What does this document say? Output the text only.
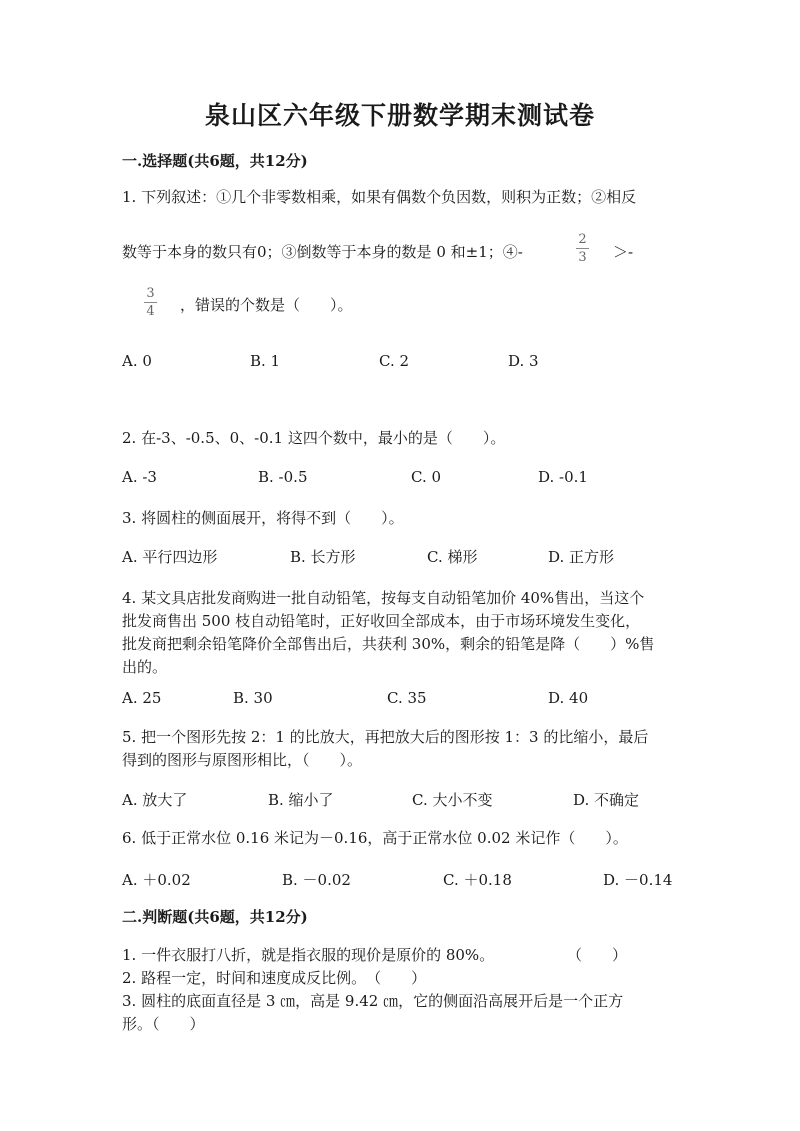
泉山区六年级下册数学期末测试卷
一.选择题(共6题，共12分)
1. 下列叙述：①几个非零数相乘，如果有偶数个负因数，则积为正数；②相反
数等于本身的数只有0；③倒数等于本身的数是 0 和±1；④-
2
3 ＞-
3
4 ，错误的个数是（　　）。
A. 0	B. 1	C. 2	D. 3
2. 在-3、-0.5、0、-0.1 这四个数中，最小的是（　　）。
A. -3	B. -0.5	C. 0	D. -0.1
3. 将圆柱的侧面展开，将得不到（　　）。
A. 平行四边形	B. 长方形	C. 梯形	D. 正方形
4. 某文具店批发商购进一批自动铅笔，按每支自动铅笔加价 40%售出，当这个
批发商售出 500 枝自动铅笔时，正好收回全部成本，由于市场环境发生变化，
批发商把剩余铅笔降价全部售出后，共获利 30%，剩余的铅笔是降（　　）%售
出的。
A. 25	B. 30	C. 35	D. 40
5. 把一个图形先按 2：1 的比放大，再把放大后的图形按 1：3 的比缩小，最后
得到的图形与原图形相比，（　　）。
A. 放大了	B. 缩小了	C. 大小不变	D. 不确定
6. 低于正常水位 0.16 米记为－0.16，高于正常水位 0.02 米记作（　　）。
A. ＋0.02	B. －0.02	C. ＋0.18	D. －0.14
二.判断题(共6题，共12分)
1. 一件衣服打八折，就是指衣服的现价是原价的 80%。	（　　）
2. 路程一定，时间和速度成反比例。　（　　）
3. 圆柱的底面直径是 3 ㎝，高是 9.42 ㎝，它的侧面沿高展开后是一个正方
形。（　　）
